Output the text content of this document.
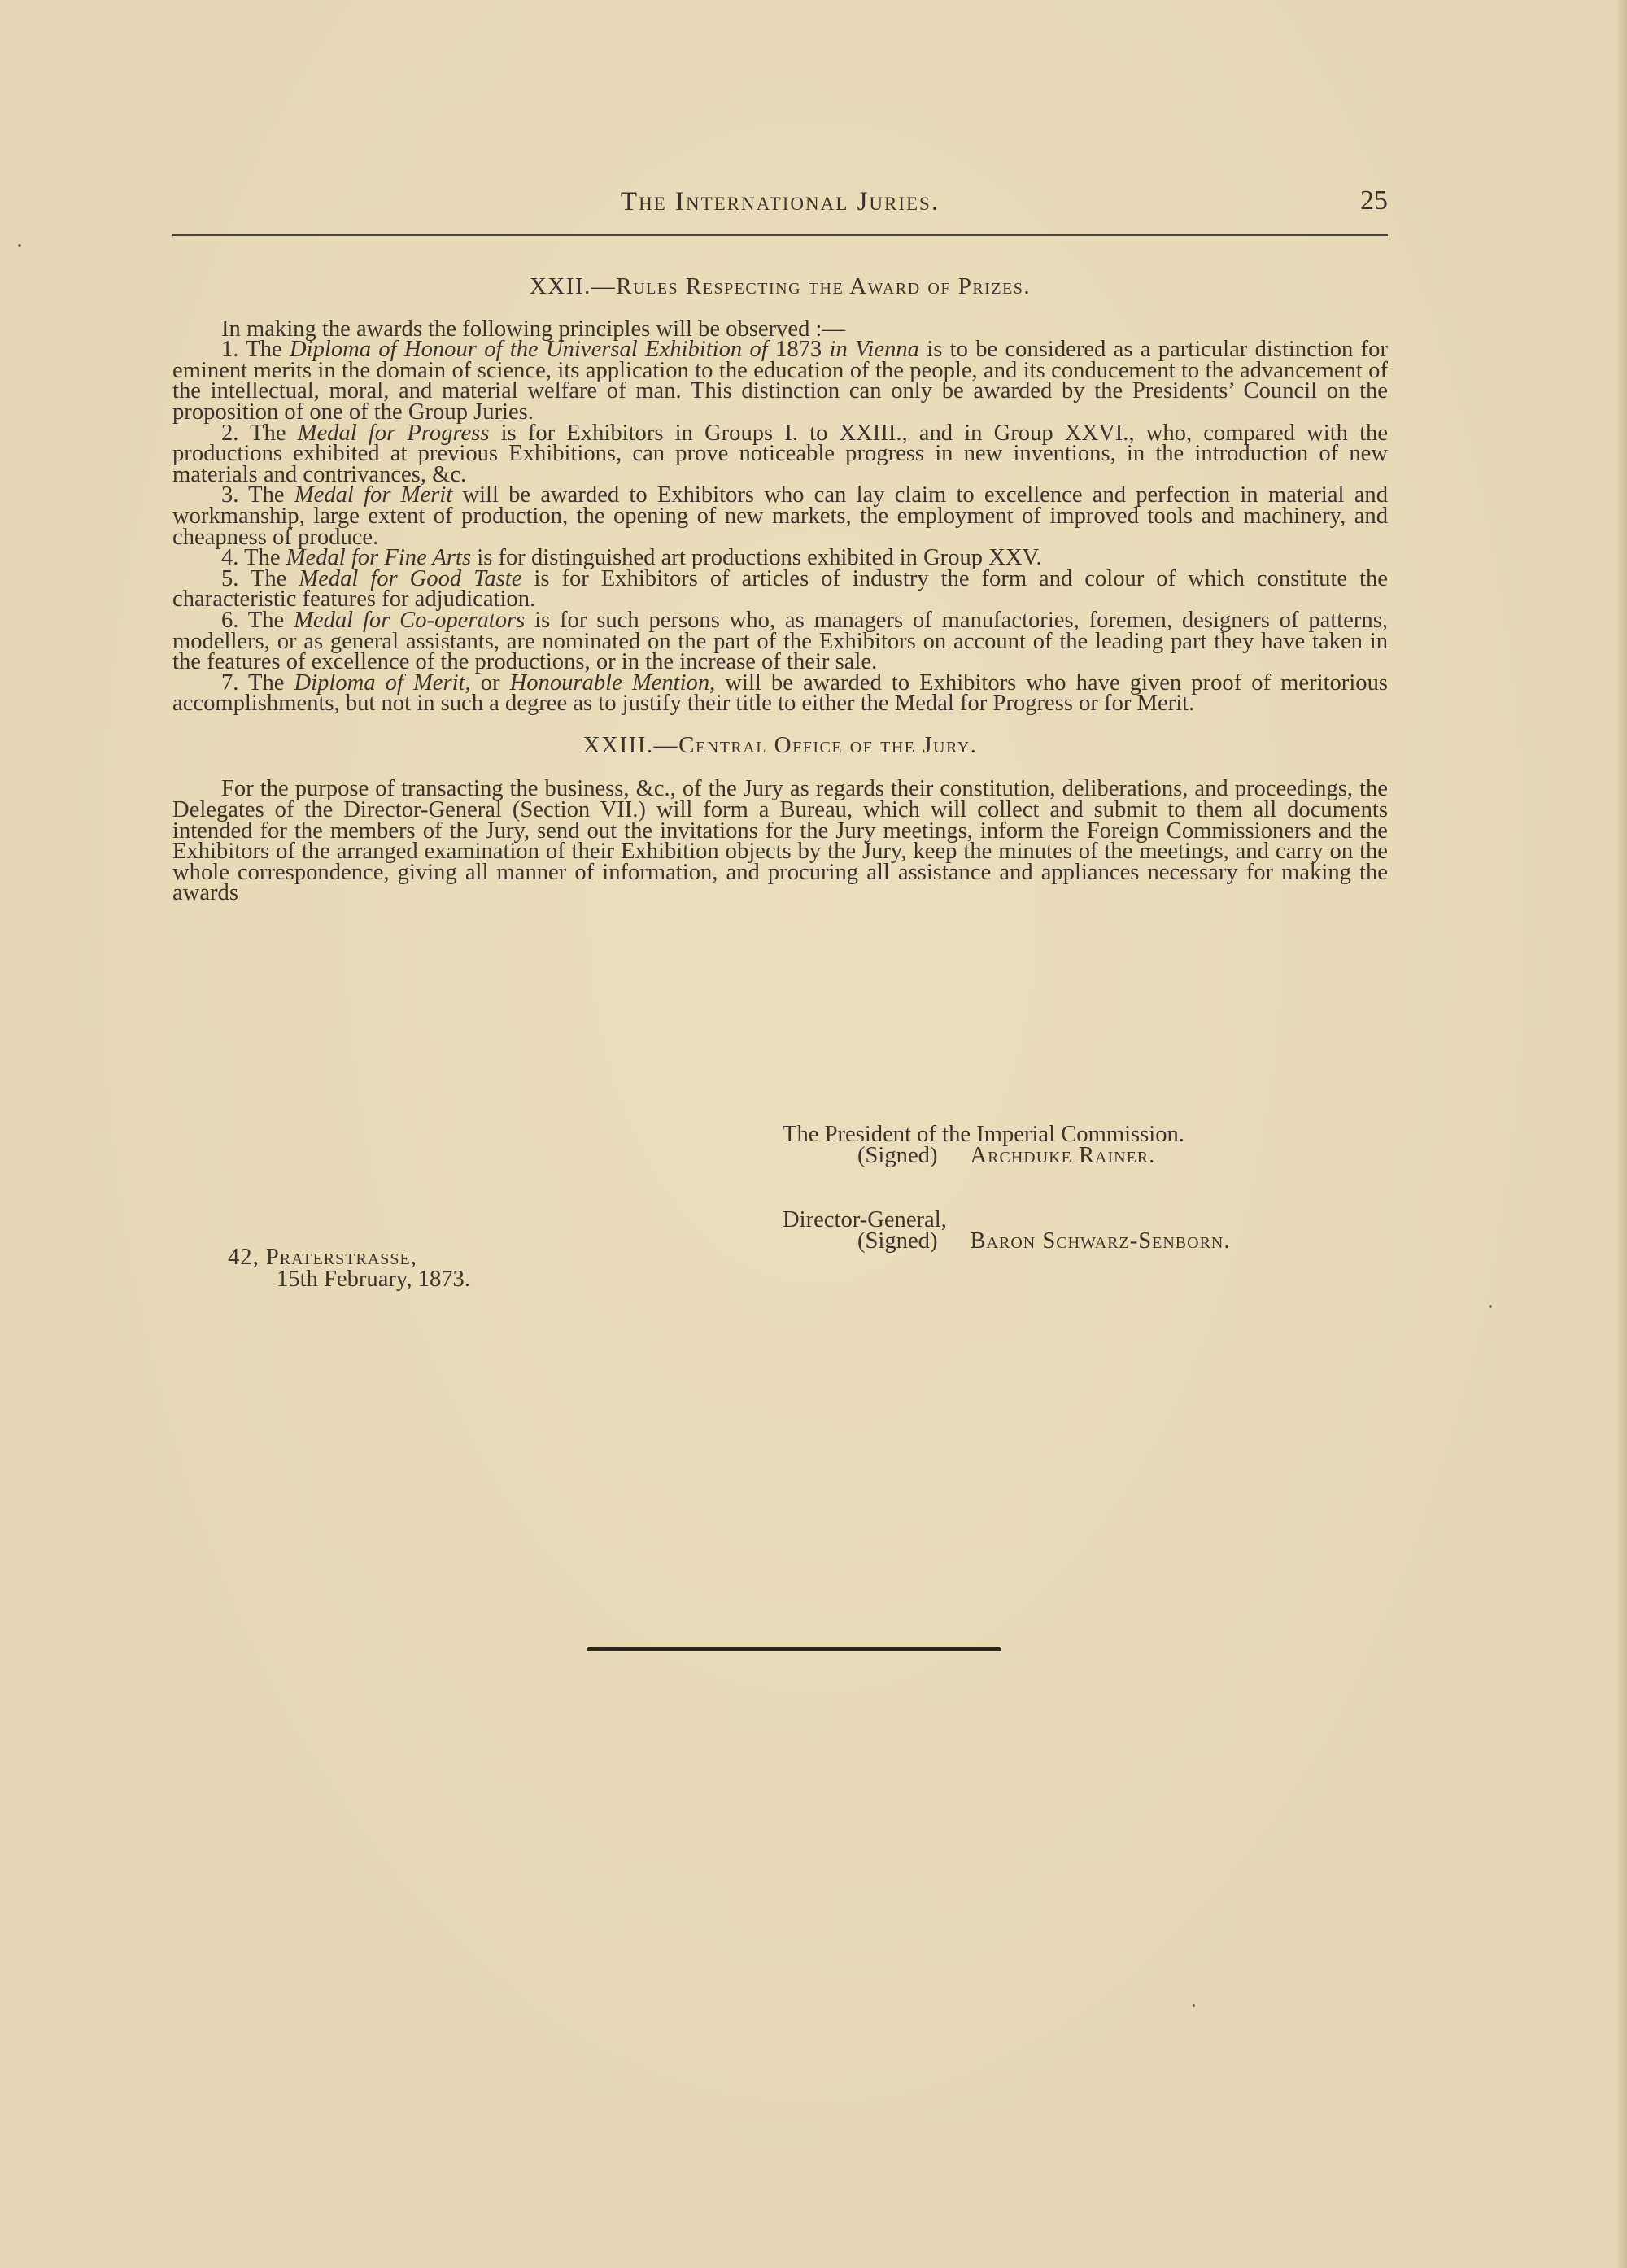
The International Juries.	25
XXII.—Rules Respecting the Award of Prizes.

In making the awards the following principles will be observed :—

1. The Diploma of Honour of the Universal Exhibition of 1873 in Vienna is to be considered as a particular distinction for eminent merits in the domain of science, its application to the education of the people, and its conducement to the advancement of the intellectual, moral, and material welfare of man. This distinction can only be awarded by the Presidents’ Council on the proposition of one of the Group Juries.

2. The Medal for Progress is for Exhibitors in Groups I. to XXIII., and in Group XXVI., who, compared with the productions exhibited at previous Exhibitions, can prove noticeable progress in new inventions, in the introduction of new materials and contrivances, &c.

3. The Medal for Merit will be awarded to Exhibitors who can lay claim to excellence and perfection in material and workmanship, large extent of production, the opening of new markets, the employment of improved tools and machinery, and cheapness of produce.

4. The Medal for Fine Arts is for distinguished art productions exhibited in Group XXV.

5. The Medal for Good Taste is for Exhibitors of articles of industry the form and colour of which constitute the characteristic features for adjudication.

6. The Medal for Co-operators is for such persons who, as managers of manufactories, foremen, designers of patterns, modellers, or as general assistants, are nominated on the part of the Exhibitors on account of the leading part they have taken in the features of excellence of the productions, or in the increase of their sale.

7. The Diploma of Merit, or Honourable Mention, will be awarded to Exhibitors who have given proof of meritorious accomplishments, but not in such a degree as to justify their title to either the Medal for Progress or for Merit.

XXIII.—Central Office of the Jury.

For the purpose of transacting the business, &c., of the Jury as regards their constitution, deliberations, and proceedings, the Delegates of the Director-General (Section VII.) will form a Bureau, which will collect and submit to them all documents intended for the members of the Jury, send out the invitations for the Jury meetings, inform the Foreign Commissioners and the Exhibitors of the arranged examination of their Exhibition objects by the Jury, keep the minutes of the meetings, and carry on the whole correspondence, giving all manner of information, and procuring all assistance and appliances necessary for making the awards

The President of the Imperial Commission.
(Signed) Archduke Rainer.
Director-General,
(Signed) Baron Schwarz-Senborn.
42, Praterstrasse,
15th February, 1873.
